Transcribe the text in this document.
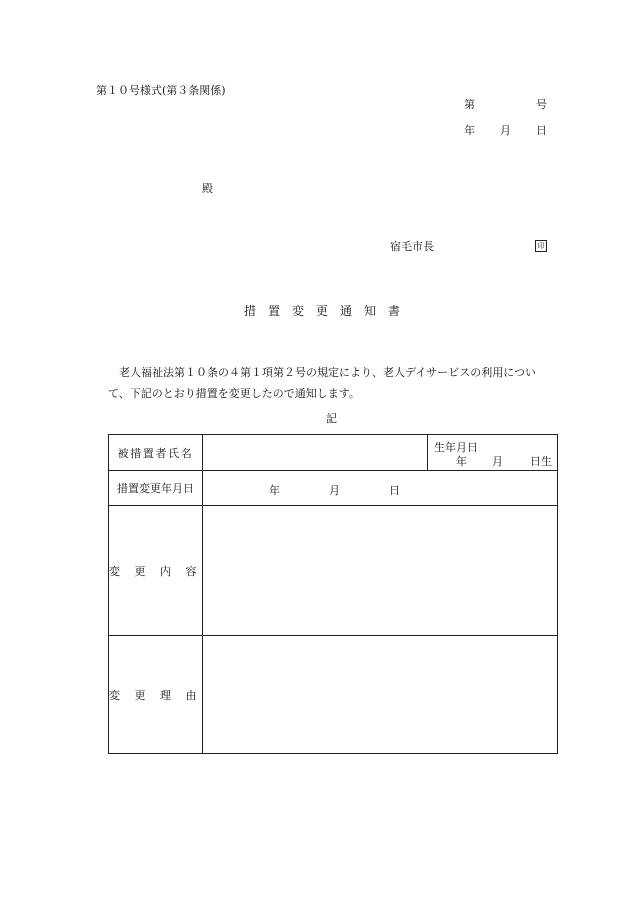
第１０号様式(第３条関係)
第	号
年 月 日
殿
宿毛市長	印
措　置　変　更　通　知　書
老人福祉法第１０条の４第１項第２号の規定により、老人デイサービスの利用につい
て、下記のとおり措置を変更したので通知します。
記
被措置者氏名		生年月日
年 月 日生

措置変更年月日	年 月 日	

変 更 内 容		
変 更 理 由		
